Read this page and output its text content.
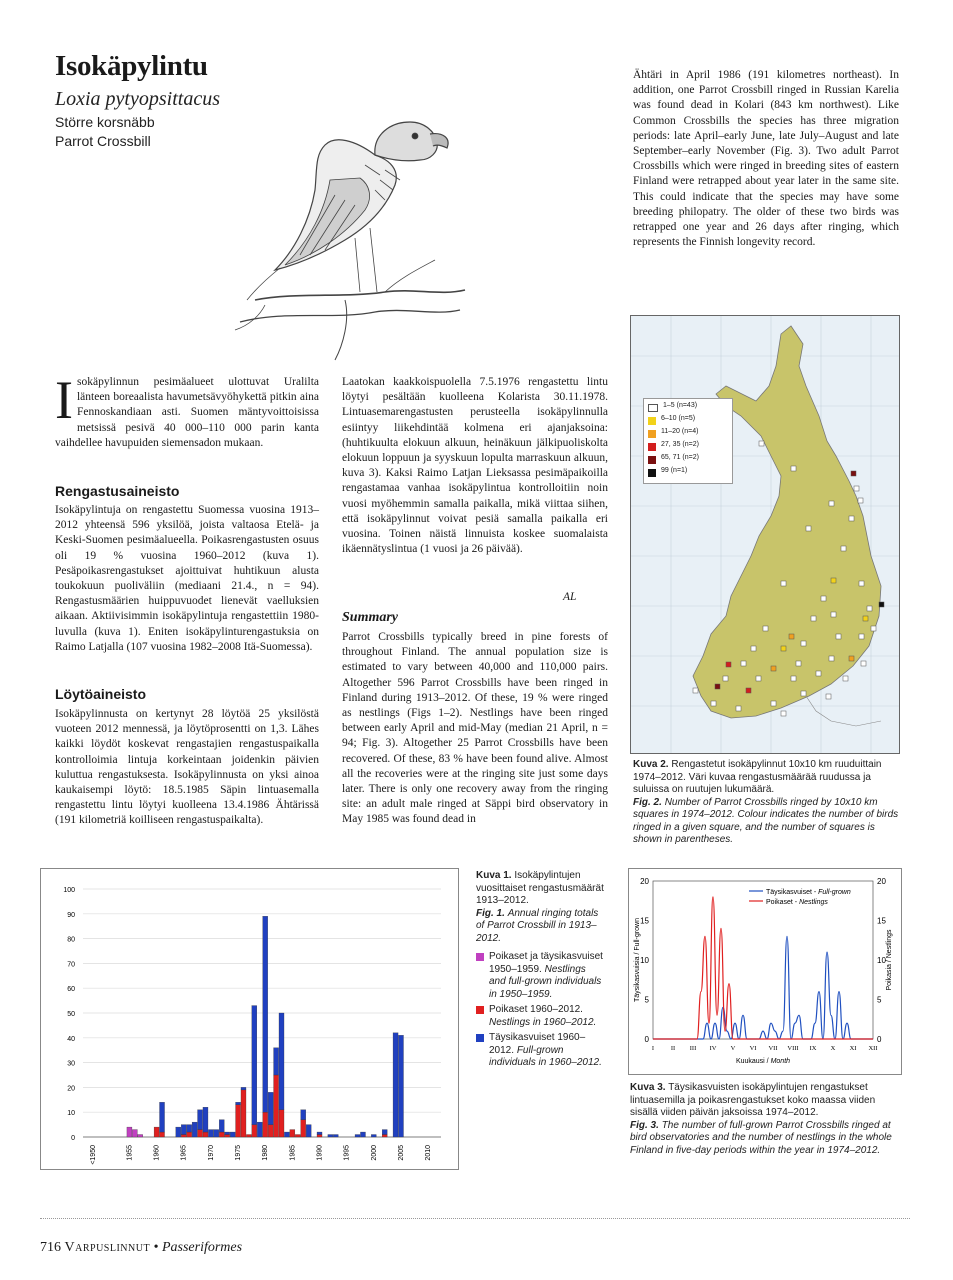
Isokäpylintu
Loxia pytyopsittacus
Större korsnäbb
Parrot Crossbill
Ähtäri in April 1986 (191 kilometres northeast). In addition, one Parrot Crossbill ringed in Russian Karelia was found dead in Kolari (843 km northwest). Like Common Crossbills the species has three migration periods: late April–early June, late July–August and late September–early November (Fig. 3). Two adult Parrot Crossbills which were ringed in breeding sites of eastern Finland were retrapped about year later in the same site. This could indicate that the species may have some breeding philopatry. The older of these two birds was retrapped one year and 26 days after ringing, which represents the Finnish longevity record.
Isokäpylinnun pesimäalueet ulottuvat Uralilta länteen boreaalista havumetsävyöhykettä pitkin aina Fennoskandiaan asti. Suomen mäntyvoittoisissa metsissä pesivä 40 000–110 000 parin kanta vaihdellee havupuiden siemensadon mukaan.
Rengastusaineisto
Isokäpylintuja on rengastettu Suomessa vuosina 1913–2012 yhteensä 596 yksilöä, joista valtaosa Etelä- ja Keski-Suomen pesimäalueella. Poikasrengastusten osuus oli 19 % vuosina 1960–2012 (kuva 1). Pesäpoikasrengastukset ajoittuivat huhtikuun alusta toukokuun puoliväliin (mediaani 21.4., n = 94). Rengastusmäärien huippuvuodet lienevät vaelluksien aikaan. Aktiivisimmin isokäpylintuja rengastettiin 1980-luvulla (kuva 1). Eniten isokäpylinturengastuksia on Raimo Latjalla (107 vuosina 1982–2008 Itä-Suomessa).
Löytöaineisto
Isokäpylinnusta on kertynyt 28 löytöä 25 yksilöstä vuoteen 2012 mennessä, ja löytöprosentti on 1,3. Lähes kaikki löydöt koskevat rengastajien rengastuspaikalla kontrolloimia lintuja korkeintaan joidenkin päivien kuluttua rengastuksesta. Isokäpylinnusta on yksi ainoa kaukaisempi löytö: 18.5.1985 Säpin lintuasemalla rengastettu lintu löytyi kuolleena 13.4.1986 Ähtärissä (191 kilometriä koilliseen rengastuspaikalta).
Laatokan kaakkoispuolella 7.5.1976 rengastettu lintu löytyi pesältään kuolleena Kolarista 30.11.1978. Lintuasemarengastusten perusteella isokäpylinnulla esiintyy liikehdintää kolmena eri ajanjaksoina: (huhtikuulta elokuun alkuun, heinäkuun jälkipuoliskolta elokuun loppuun ja syyskuun lopulta marraskuun alkuun, kuva 3). Kaksi Raimo Latjan Lieksassa pesimäpaikoilla rengastamaa vanhaa isokäpylintua kontrolloitiin noin vuosi myöhemmin samalla paikalla, mikä viittaa siihen, että isokäpylinnut voivat pesiä samalla paikalla eri vuosina. Toinen näistä linnuista koskee suomalaista ikäennätyslintua (1 vuosi ja 26 päivää).
AL
Summary
Parrot Crossbills typically breed in pine forests of throughout Finland. The annual population size is estimated to vary between 40,000 and 110,000 pairs. Altogether 596 Parrot Crossbills have been ringed in Finland during 1913–2012. Of these, 19 % were ringed as nestlings (Figs 1–2). Nestlings have been ringed between early April and mid-May (median 21 April, n = 94; Fig. 3). Altogether 25 Parrot Crossbills have been recovered. Of these, 83 % have been found alive. Almost all the recoveries were at the ringing site just some days later. There is only one recovery away from the ringing site: an adult male ringed at Säppi bird observatory in May 1985 was found dead in
1–5 (n=43)
6–10 (n=5)
11–20 (n=4)
27, 35 (n=2)
65, 71 (n=2)
99 (n=1)
Kuva 2. Rengastetut isokäpylinnut 10x10 km ruuduittain 1974–2012. Väri kuvaa rengastusmäärää ruudussa ja suluissa on ruutujen lukumäärä.
Fig. 2. Number of Parrot Crossbills ringed by 10x10 km squares in 1974–2012. Colour indicates the number of birds ringed in a given square, and the number of squares is shown in parentheses.
0
10
20
30
40
50
60
70
80
90
100
<1950	1955	1960	1965	1970	1975	1980	1985	1990	1995	2000	2005	2010
Kuva 1. Isokäpylintujen vuosittaiset rengastusmäärät 1913–2012.
Fig. 1. Annual ringing totals of Parrot Crossbill in 1913–2012.
Poikaset ja täysikasvuiset 1950–1959. Nestlings and full-grown individuals in 1950–1959.
Poikaset 1960–2012. Nestlings in 1960–2012.
Täysikasvuiset 1960–2012. Full-grown individuals in 1960–2012.
0	0
5	5
10	10
15	15
20	20
I	II III IV V VI VII VIII IX X XI XII
Kuukausi / Month
Täysikasvuisia / Full-grown	Poikasia / Nestlings
Täysikasvuiset - Full-grown
Poikaset - Nestlings
Kuva 3. Täysikasvuisten isokäpylintujen rengastukset lintuasemilla ja poikasrengastukset koko maassa viiden sisällä viiden päivän jaksoissa 1974–2012.
Fig. 3. The number of full-grown Parrot Crossbills ringed at bird observatories and the number of nestlings in the whole Finland in five-day periods within the year in 1974–2012.
716 Varpuslinnut • Passeriformes
